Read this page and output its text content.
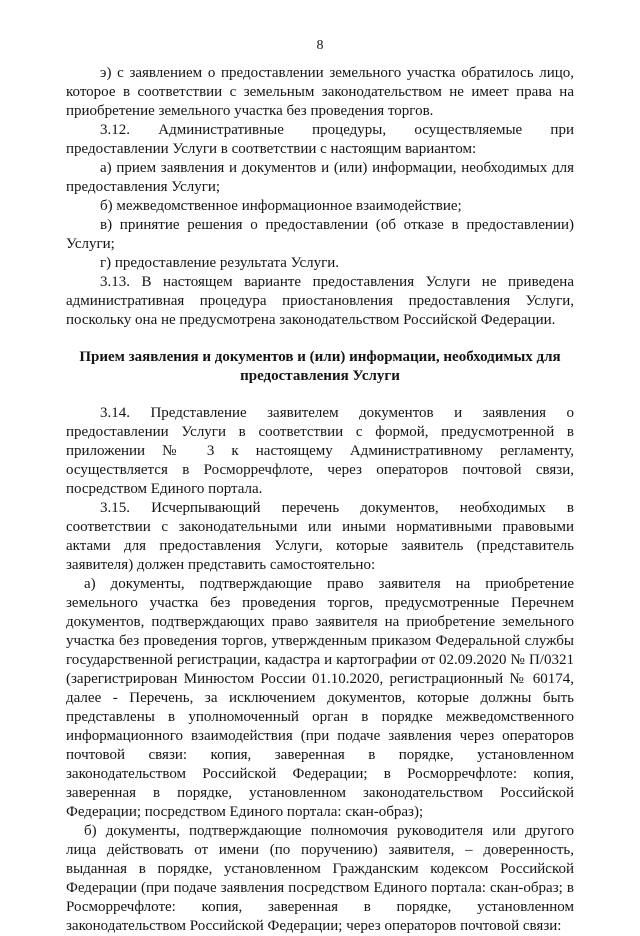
8

э) с заявлением о предоставлении земельного участка обратилось лицо, которое в соответствии с земельным законодательством не имеет права на приобретение земельного участка без проведения торгов.

3.12. Административные процедуры, осуществляемые при предоставлении Услуги в соответствии с настоящим вариантом:

а) прием заявления и документов и (или) информации, необходимых для предоставления Услуги;

б) межведомственное информационное взаимодействие;

в) принятие решения о предоставлении (об отказе в предоставлении) Услуги;

г) предоставление результата Услуги.

3.13. В настоящем варианте предоставления Услуги не приведена административная процедура приостановления предоставления Услуги, поскольку она не предусмотрена законодательством Российской Федерации.

Прием заявления и документов и (или) информации, необходимых для предоставления Услуги

3.14. Представление заявителем документов и заявления о предоставлении Услуги в соответствии с формой, предусмотренной в приложении № 3 к настоящему Административному регламенту, осуществляется в Росморречфлоте, через операторов почтовой связи, посредством Единого портала.

3.15. Исчерпывающий перечень документов, необходимых в соответствии с законодательными или иными нормативными правовыми актами для предоставления Услуги, которые заявитель (представитель заявителя) должен представить самостоятельно:

а) документы, подтверждающие право заявителя на приобретение земельного участка без проведения торгов, предусмотренные Перечнем документов, подтверждающих право заявителя на приобретение земельного участка без проведения торгов, утвержденным приказом Федеральной службы государственной регистрации, кадастра и картографии от 02.09.2020 № П/0321 (зарегистрирован Минюстом России 01.10.2020, регистрационный № 60174, далее - Перечень, за исключением документов, которые должны быть представлены в уполномоченный орган в порядке межведомственного информационного взаимодействия (при подаче заявления через операторов почтовой связи: копия, заверенная в порядке, установленном законодательством Российской Федерации; в Росморречфлоте: копия, заверенная в порядке, установленном законодательством Российской Федерации; посредством Единого портала: скан-образ);

б) документы, подтверждающие полномочия руководителя или другого лица действовать от имени (по поручению) заявителя, – доверенность, выданная в порядке, установленном Гражданским кодексом Российской Федерации (при подаче заявления посредством Единого портала: скан-образ; в Росморречфлоте: копия, заверенная в порядке, установленном законодательством Российской Федерации; через операторов почтовой связи:
